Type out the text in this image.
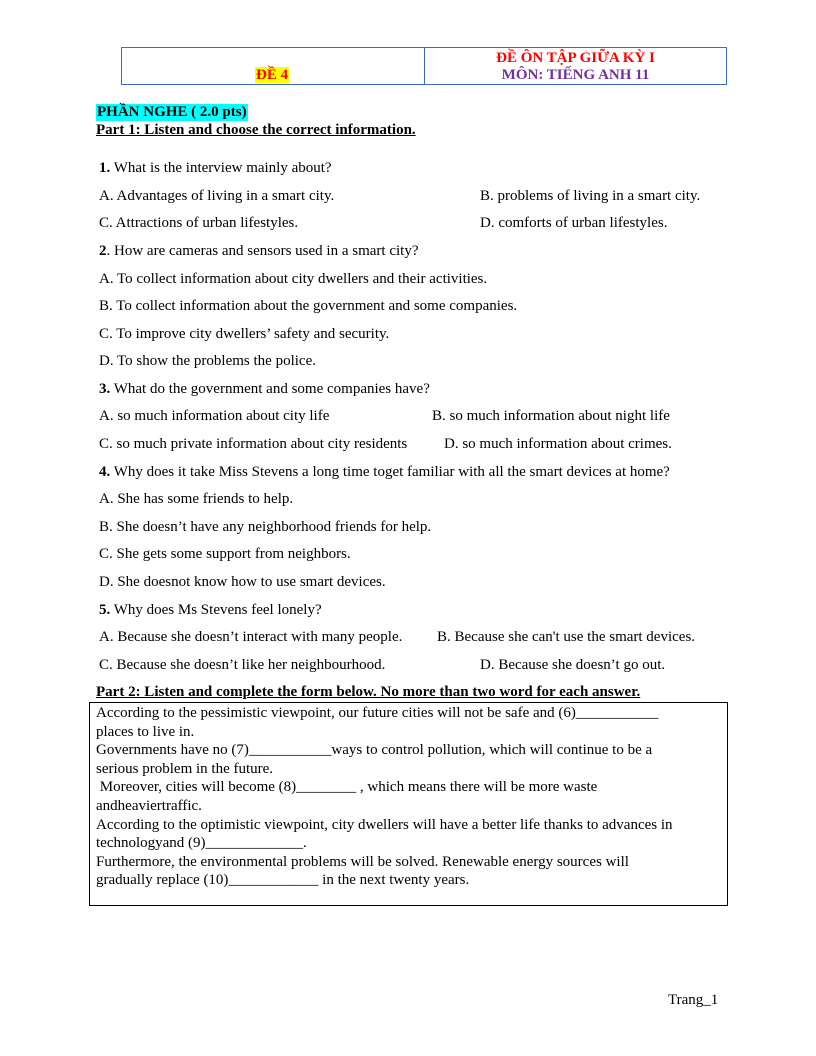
ĐỀ 4
ĐỀ ÔN TẬP GIỮA KỲ I
MÔN: TIẾNG ANH 11
PHẦN NGHE ( 2.0 pts)
Part 1: Listen and choose the correct information.
1. What is the interview mainly about?
A. Advantages of living in a smart city.	B. problems of living in a smart city.
C. Attractions of urban lifestyles.	D. comforts of urban lifestyles.
2. How are cameras and sensors used in a smart city?
A. To collect information about city dwellers and their activities.
B. To collect information about the government and some companies.
C. To improve city dwellers’ safety and security.
D. To show the problems the police.
3. What do the government and some companies have?
A. so much information about city life	B. so much information about night life
C. so much private information about city residents D. so much information about crimes.
4. Why does it take Miss Stevens a long time toget familiar with all the smart devices at home?
A. She has some friends to help.
B. She doesn’t have any neighborhood friends for help.
C. She gets some support from neighbors.
D. She doesnot know how to use smart devices.
5. Why does Ms Stevens feel lonely?
A. Because she doesn’t interact with many people. B. Because she can't use the smart devices.
C. Because she doesn’t like her neighbourhood.	D. Because she doesn’t go out.
Part 2: Listen and complete the form below. No more than two word for each answer.

According to the pessimistic viewpoint, our future cities will not be safe and (6)___________

places to live in.

Governments have no (7)___________ways to control pollution, which will continue to be a

serious problem in the future.

Moreover, cities will become (8)________ , which means there will be more waste

andheaviertraffic.

According to the optimistic viewpoint, city dwellers will have a better life thanks to advances in

technologyand (9)_____________.

Furthermore, the environmental problems will be solved. Renewable energy sources will

gradually replace (10)____________ in the next twenty years.

Trang_1
